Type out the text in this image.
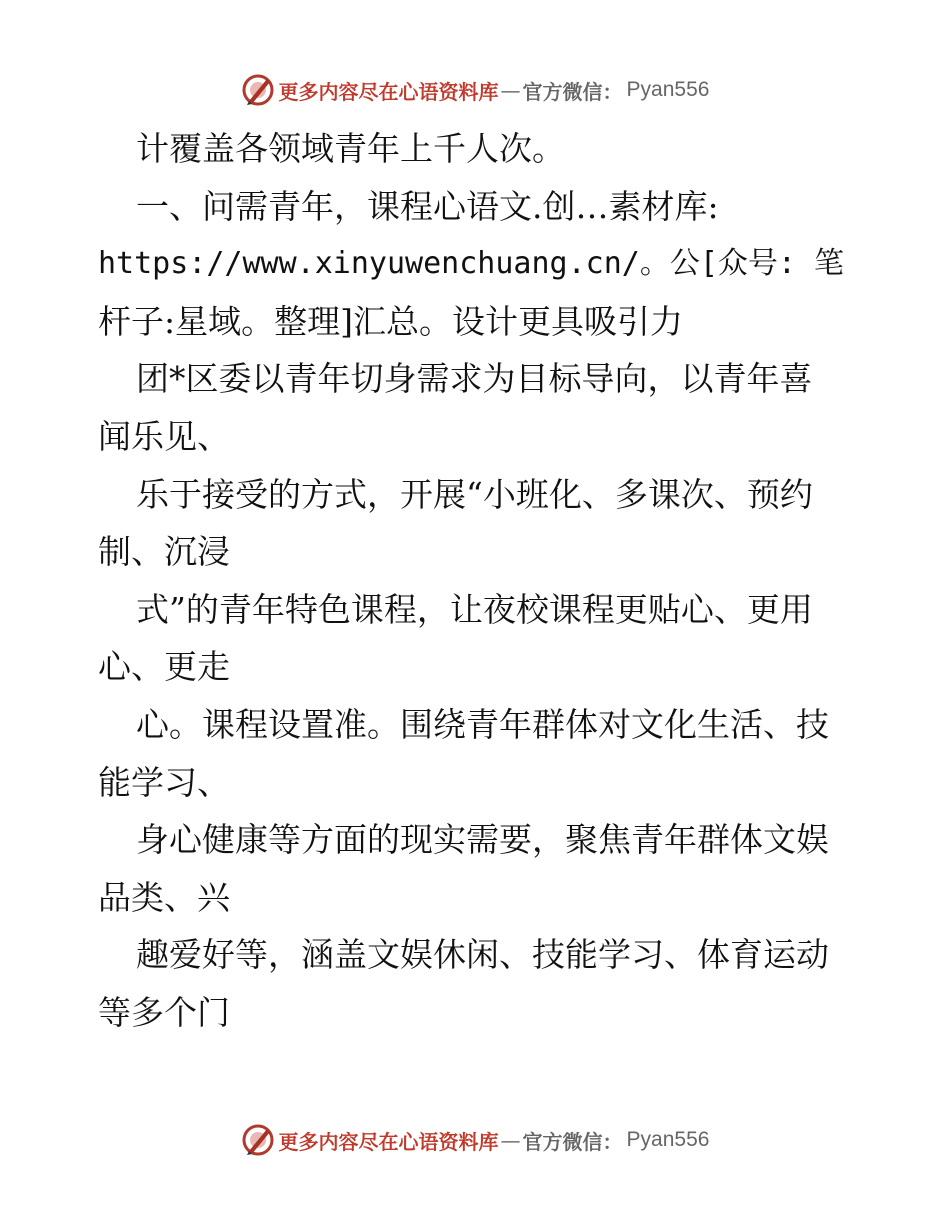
更多内容尽在心语资料库 — 官方微信： Pyan556
计覆盖各领域青年上千人次。
一、问需青年，课程心语文.创…素材库:
https://www.xinyuwenchuang.cn/。公[众号: 笔
杆子:星域。整理]汇总。设计更具吸引力
团*区委以青年切身需求为目标导向，以青年喜
闻乐见、
乐于接受的方式，开展“小班化、多课次、预约
制、沉浸
式”的青年特色课程，让夜校课程更贴心、更用
心、更走
心。课程设置准。围绕青年群体对文化生活、技
能学习、
身心健康等方面的现实需要，聚焦青年群体文娱
品类、兴
趣爱好等，涵盖文娱休闲、技能学习、体育运动
等多个门
更多内容尽在心语资料库 — 官方微信： Pyan556
